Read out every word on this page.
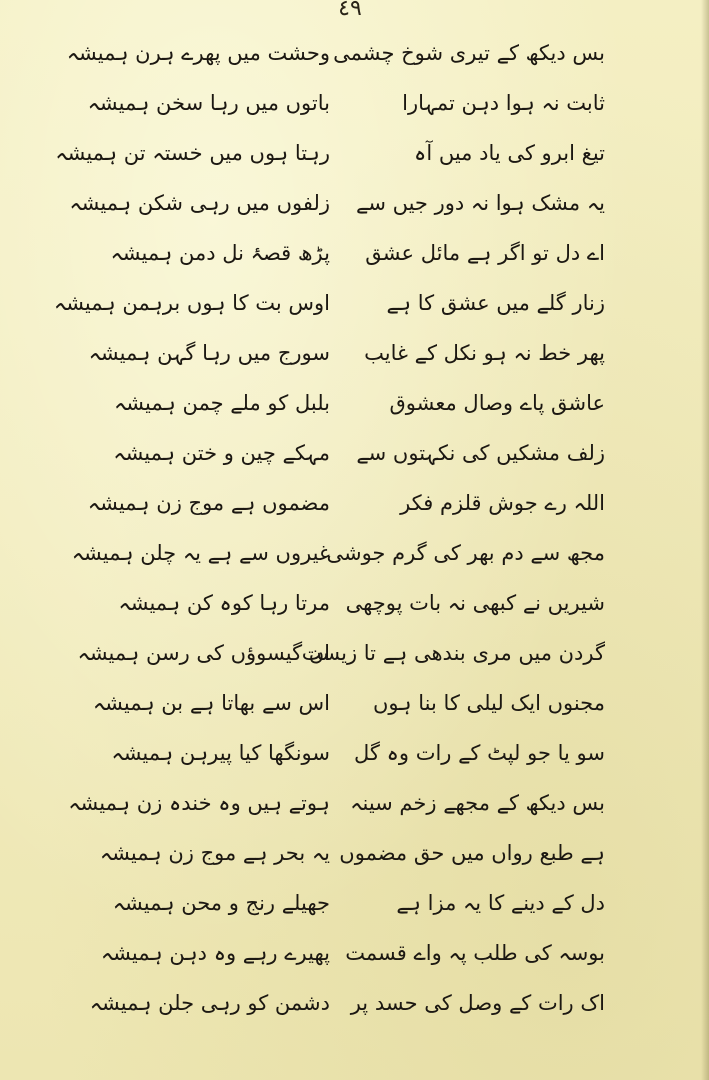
٤٩
بس دیکھ کے تیری شوخ چشمی
وحشت میں پھرے ہرن ہمیشہ
ثابت نہ ہوا دہن تمہارا
باتوں میں رہا سخن ہمیشہ
تیغ ابرو کی یاد میں آہ
رہتا ہوں میں خستہ تن ہمیشہ
یہ مشک ہوا نہ دور جیں سے
زلفوں میں رہی شکن ہمیشہ
اے دل تو اگر ہے مائل عشق
پڑھ قصۂ نل دمن ہمیشہ
زنار گلے میں عشق کا ہے
اوس بت کا ہوں برہمن ہمیشہ
پھر خط نہ ہو نکل کے غایب
سورج میں رہا گہن ہمیشہ
عاشق پاے وصال معشوق
بلبل کو ملے چمن ہمیشہ
زلف مشکیں کی نکہتوں سے
مہکے چین و ختن ہمیشہ
اللہ رے جوش قلزم فکر
مضموں ہے موج زن ہمیشہ
مجھ سے دم بھر کی گرم جوشی
غیروں سے ہے یہ چلن ہمیشہ
شیریں نے کبھی نہ بات پوچھی
مرتا رہا کوہ کن ہمیشہ
گردن میں مری بندھی ہے تا زیست
ان گیسوؤں کی رسن ہمیشہ
مجنوں ایک لیلی کا بنا ہوں
اس سے بھاتا ہے بن ہمیشہ
سو یا جو لپٹ کے رات وہ گل
سونگھا کیا پیرہن ہمیشہ
بس دیکھ کے مجھے زخم سینہ
ہوتے ہیں وہ خندہ زن ہمیشہ
ہے طبع رواں میں حق مضموں
یہ بحر ہے موج زن ہمیشہ
دل کے دینے کا یہ مزا ہے
جھیلے رنج و محن ہمیشہ
بوسہ کی طلب پہ واے قسمت
پھیرے رہے وہ دہن ہمیشہ
اک رات کے وصل کی حسد پر
دشمن کو رہی جلن ہمیشہ
